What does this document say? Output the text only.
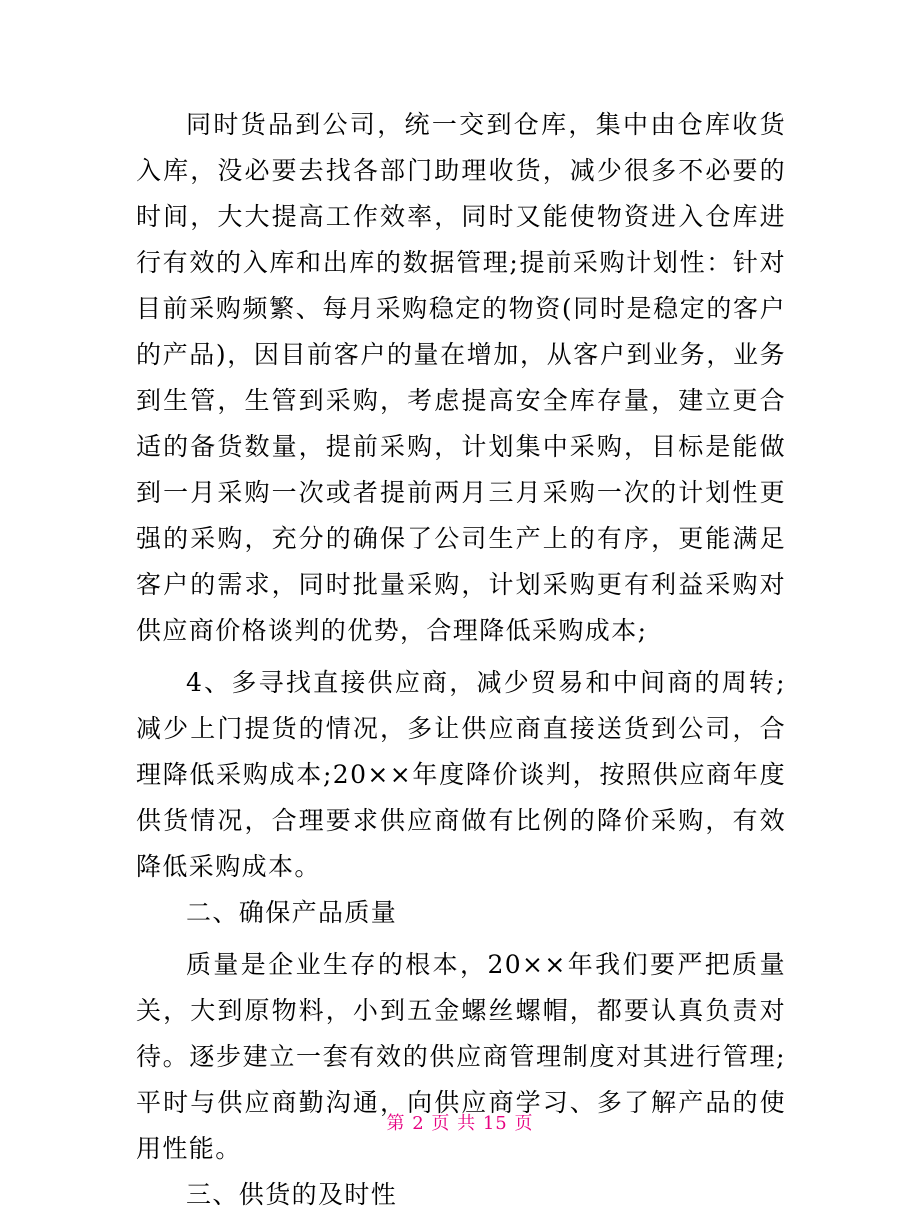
同时货品到公司，统一交到仓库，集中由仓库收货入库，没必要去找各部门助理收货，减少很多不必要的时间，大大提高工作效率，同时又能使物资进入仓库进行有效的入库和出库的数据管理;提前采购计划性：针对目前采购频繁、每月采购稳定的物资(同时是稳定的客户的产品)，因目前客户的量在增加，从客户到业务，业务到生管，生管到采购，考虑提高安全库存量，建立更合适的备货数量，提前采购，计划集中采购，目标是能做到一月采购一次或者提前两月三月采购一次的计划性更强的采购，充分的确保了公司生产上的有序，更能满足客户的需求，同时批量采购，计划采购更有利益采购对供应商价格谈判的优势，合理降低采购成本;

4、多寻找直接供应商，减少贸易和中间商的周转;减少上门提货的情况，多让供应商直接送货到公司，合理降低采购成本;20××年度降价谈判，按照供应商年度供货情况，合理要求供应商做有比例的降价采购，有效降低采购成本。

二、确保产品质量

质量是企业生存的根本，20××年我们要严把质量关，大到原物料，小到五金螺丝螺帽，都要认真负责对待。逐步建立一套有效的供应商管理制度对其进行管理;平时与供应商勤沟通，向供应商学习、多了解产品的使用性能。

三、供货的及时性

第 2 页 共 15 页
